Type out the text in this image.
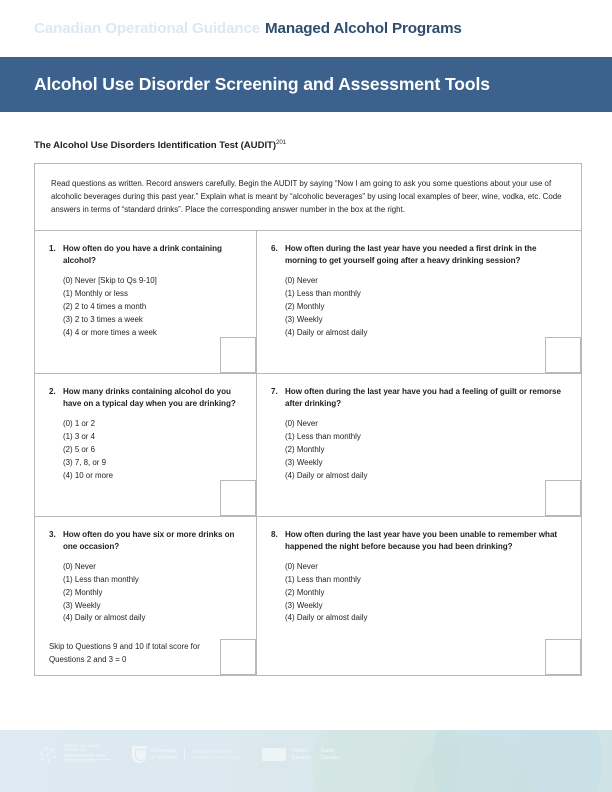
Canadian Operational Guidance Managed Alcohol Programs
Alcohol Use Disorder Screening and Assessment Tools
The Alcohol Use Disorders Identification Test (AUDIT)$^{201}$

Read questions as written. Record answers carefully. Begin the AUDIT by saying “Now I am going to ask you some questions about your use of alcoholic beverages during this past year.” Explain what is meant by “alcoholic beverages” by using local examples of beer, wine, vodka, etc. Code answers in terms of “standard drinks”. Place the corresponding answer number in the box at the right.

1. How often do you have a drink containing alcohol?
(0) Never [Skip to Qs 9-10]
(1) Monthly or less
(2) 2 to 4 times a month
(3) 2 to 3 times a week
(4) 4 or more times a week
6. How often during the last year have you needed a first drink in the morning to get yourself going after a heavy drinking session?
(0) Never
(1) Less than monthly
(2) Monthly
(3) Weekly
(4) Daily or almost daily
2. How many drinks containing alcohol do you have on a typical day when you are drinking?
(0) 1 or 2
(1) 3 or 4
(2) 5 or 6
(3) 7, 8, or 9
(4) 10 or more
7. How often during the last year have you had a feeling of guilt or remorse after drinking?
(0) Never
(1) Less than monthly
(2) Monthly
(3) Weekly
(4) Daily or almost daily
3. How often do you have six or more drinks on one occasion?
(0) Never
(1) Less than monthly
(2) Monthly
(3) Weekly
(4) Daily or almost daily
Skip to Questions 9 and 10 if total score for Questions 2 and 3 = 0
8. How often during the last year have you been unable to remember what happened the night before because you had been drinking?
(0) Never
(1) Less than monthly
(2) Monthly
(3) Weekly
(4) Daily or almost daily
BRITISH COLUMBIA
CENTRE ON
SUBSTANCE USE
CENTRE DE RECHERCHE
University
of Victoria
Canadian Institute for
Substance Use Research
Health
Canada
Santé
Canada
